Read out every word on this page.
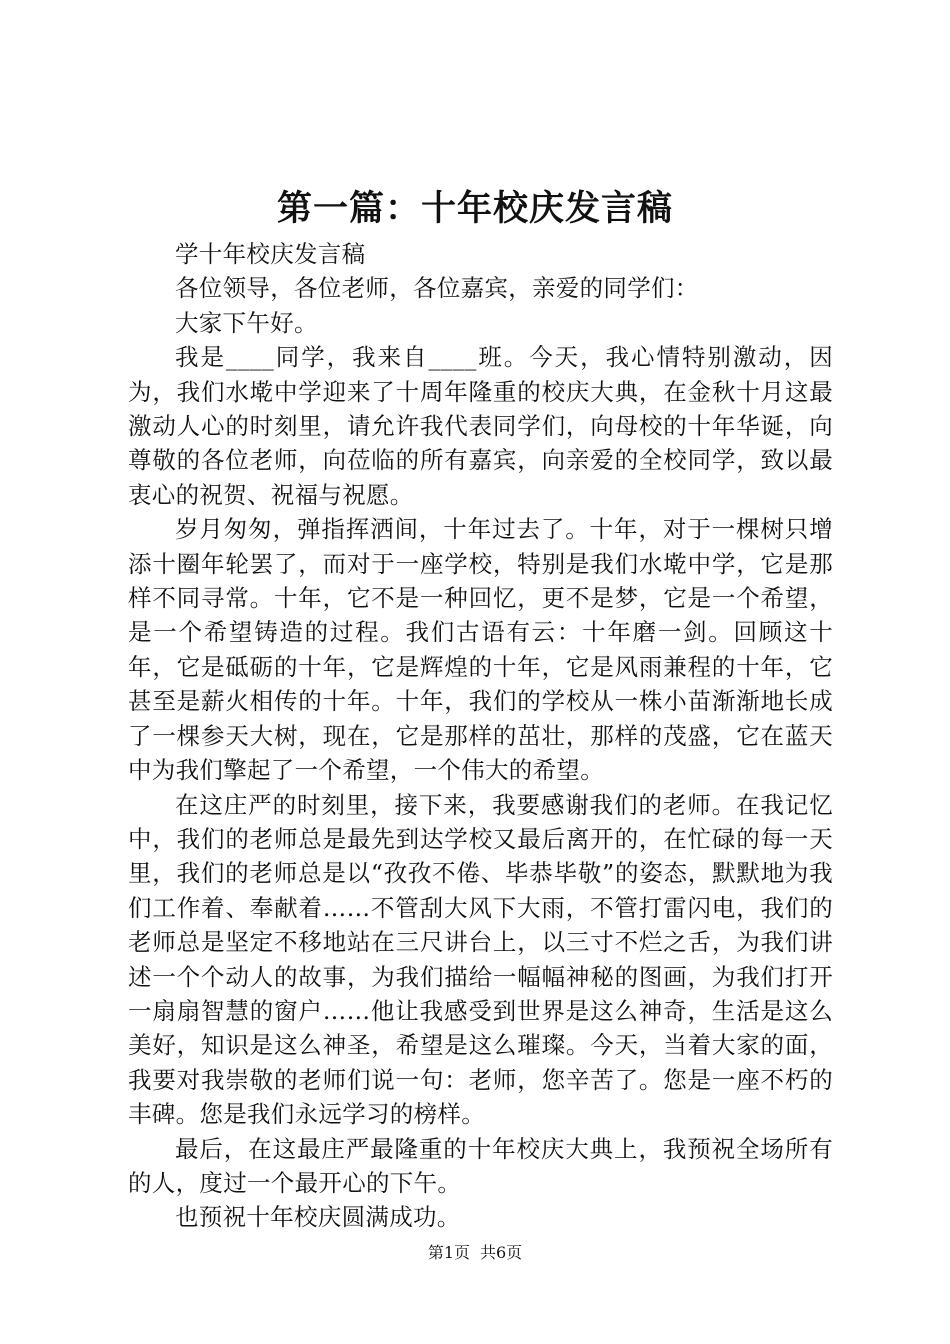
第一篇：十年校庆发言稿

学十年校庆发言稿

各位领导，各位老师，各位嘉宾，亲爱的同学们：

大家下午好。

我是____同学，我来自____班。今天，我心情特别激动，因为，我们水墘中学迎来了十周年隆重的校庆大典，在金秋十月这最激动人心的时刻里，请允许我代表同学们，向母校的十年华诞，向尊敬的各位老师，向莅临的所有嘉宾，向亲爱的全校同学，致以最衷心的祝贺、祝福与祝愿。

岁月匆匆，弹指挥洒间，十年过去了。十年，对于一棵树只增添十圈年轮罢了，而对于一座学校，特别是我们水墘中学，它是那样不同寻常。十年，它不是一种回忆，更不是梦，它是一个希望，是一个希望铸造的过程。我们古语有云：十年磨一剑。回顾这十年，它是砥砺的十年，它是辉煌的十年，它是风雨兼程的十年，它甚至是薪火相传的十年。十年，我们的学校从一株小苗渐渐地长成了一棵参天大树，现在，它是那样的茁壮，那样的茂盛，它在蓝天中为我们擎起了一个希望，一个伟大的希望。

在这庄严的时刻里，接下来，我要感谢我们的老师。在我记忆中，我们的老师总是最先到达学校又最后离开的，在忙碌的每一天里，我们的老师总是以“孜孜不倦、毕恭毕敬”的姿态，默默地为我们工作着、奉献着……不管刮大风下大雨，不管打雷闪电，我们的老师总是坚定不移地站在三尺讲台上，以三寸不烂之舌，为我们讲述一个个动人的故事，为我们描给一幅幅神秘的图画，为我们打开一扇扇智慧的窗户……他让我感受到世界是这么神奇，生活是这么美好，知识是这么神圣，希望是这么璀璨。今天，当着大家的面，我要对我崇敬的老师们说一句：老师，您辛苦了。您是一座不朽的丰碑。您是我们永远学习的榜样。

最后，在这最庄严最隆重的十年校庆大典上，我预祝全场所有的人，度过一个最开心的下午。

也预祝十年校庆圆满成功。

第1页 共6页
